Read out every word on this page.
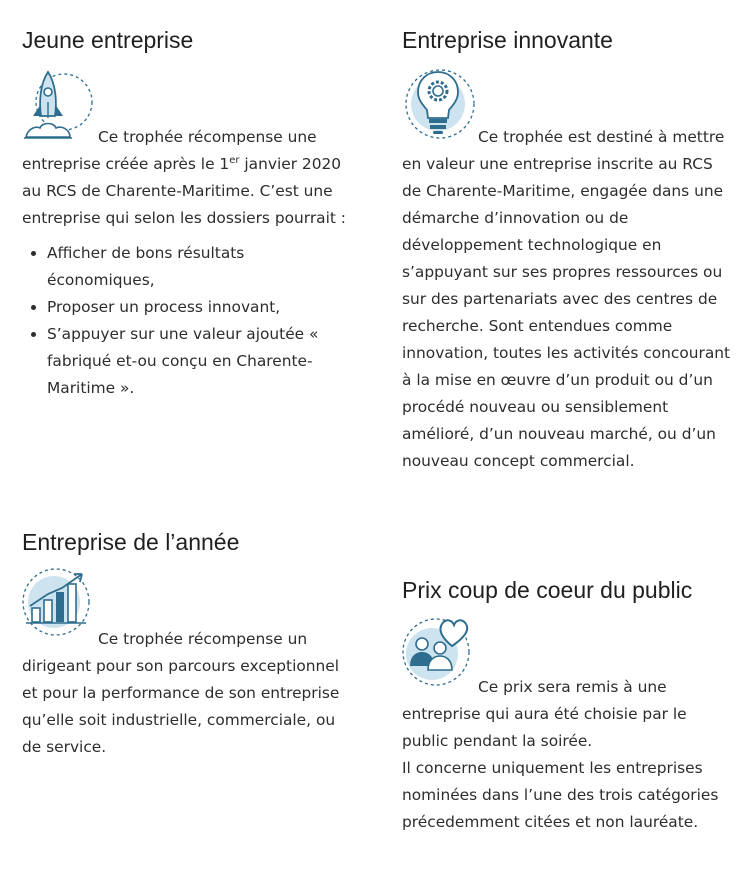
Jeune entreprise

Ce trophée récompense une entreprise créée après le 1er janvier 2020 au RCS de Charente-Maritime. C’est une entreprise qui selon les dossiers pourrait :

• Afficher de bons résultats économiques,
• Proposer un process innovant,
• S’appuyer sur une valeur ajoutée « fabriqué et-ou conçu en Charente-Maritime ».
Entreprise innovante

Ce trophée est destiné à mettre en valeur une entreprise inscrite au RCS de Charente-Maritime, engagée dans une démarche d’innovation ou de développement technologique en s’appuyant sur ses propres ressources ou sur des partenariats avec des centres de recherche. Sont entendues comme innovation, toutes les activités concourant à la mise en œuvre d’un produit ou d’un procédé nouveau ou sensiblement amélioré, d’un nouveau marché, ou d’un nouveau concept commercial.

Entreprise de l’année

Ce trophée récompense un dirigeant pour son parcours exceptionnel et pour la performance de son entreprise qu’elle soit industrielle, commerciale, ou de service.

Prix coup de coeur du public

Ce prix sera remis à une entreprise qui aura été choisie par le public pendant la soirée.

Il concerne uniquement les entreprises nominées dans l’une des trois catégories précedemment citées et non lauréate.
